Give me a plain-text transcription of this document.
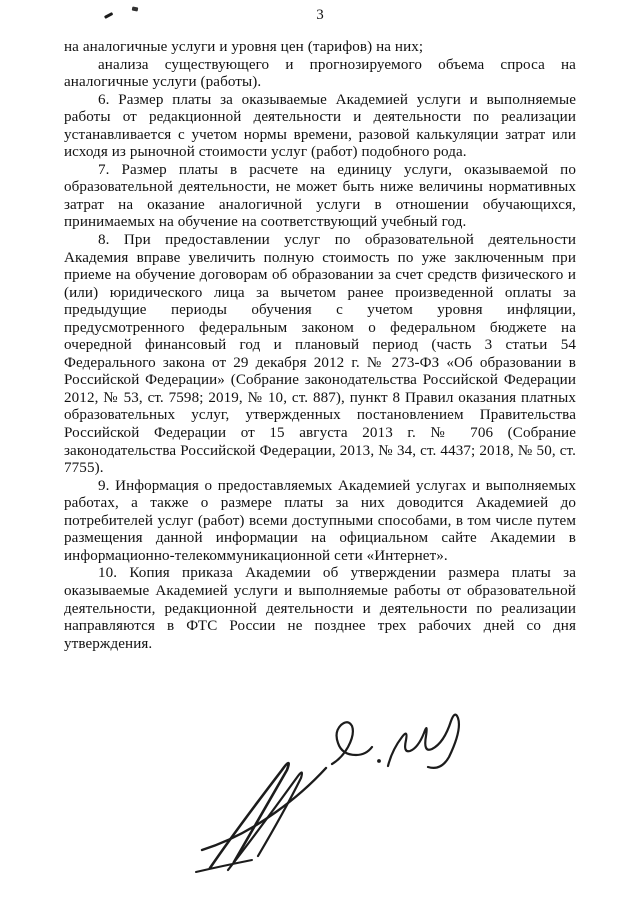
3

на аналогичные услуги и уровня цен (тарифов) на них;

анализа существующего и прогнозируемого объема спроса на аналогичные услуги (работы).

6. Размер платы за оказываемые Академией услуги и выполняемые работы от редакционной деятельности и деятельности по реализации устанавливается с учетом нормы времени, разовой калькуляции затрат или исходя из рыночной стоимости услуг (работ) подобного рода.

7. Размер платы в расчете на единицу услуги, оказываемой по образовательной деятельности, не может быть ниже величины нормативных затрат на оказание аналогичной услуги в отношении обучающихся, принимаемых на обучение на соответствующий учебный год.

8. При предоставлении услуг по образовательной деятельности Академия вправе увеличить полную стоимость по уже заключенным при приеме на обучение договорам об образовании за счет средств физического и (или) юридического лица за вычетом ранее произведенной оплаты за предыдущие периоды обучения с учетом уровня инфляции, предусмотренного федеральным законом о федеральном бюджете на очередной финансовый год и плановый период (часть 3 статьи 54 Федерального закона от 29 декабря 2012 г. № 273-ФЗ «Об образовании в Российской Федерации» (Собрание законодательства Российской Федерации 2012, № 53, ст. 7598; 2019, № 10, ст. 887), пункт 8 Правил оказания платных образовательных услуг, утвержденных постановлением Правительства Российской Федерации от 15 августа 2013 г. № 706 (Собрание законодательства Российской Федерации, 2013, № 34, ст. 4437; 2018, № 50, ст. 7755).

9. Информация о предоставляемых Академией услугах и выполняемых работах, а также о размере платы за них доводится Академией до потребителей услуг (работ) всеми доступными способами, в том числе путем размещения данной информации на официальном сайте Академии в информационно-телекоммуникационной сети «Интернет».

10. Копия приказа Академии об утверждении размера платы за оказываемые Академией услуги и выполняемые работы от образовательной деятельности, редакционной деятельности и деятельности по реализации направляются в ФТС России не позднее трех рабочих дней со дня утверждения.
